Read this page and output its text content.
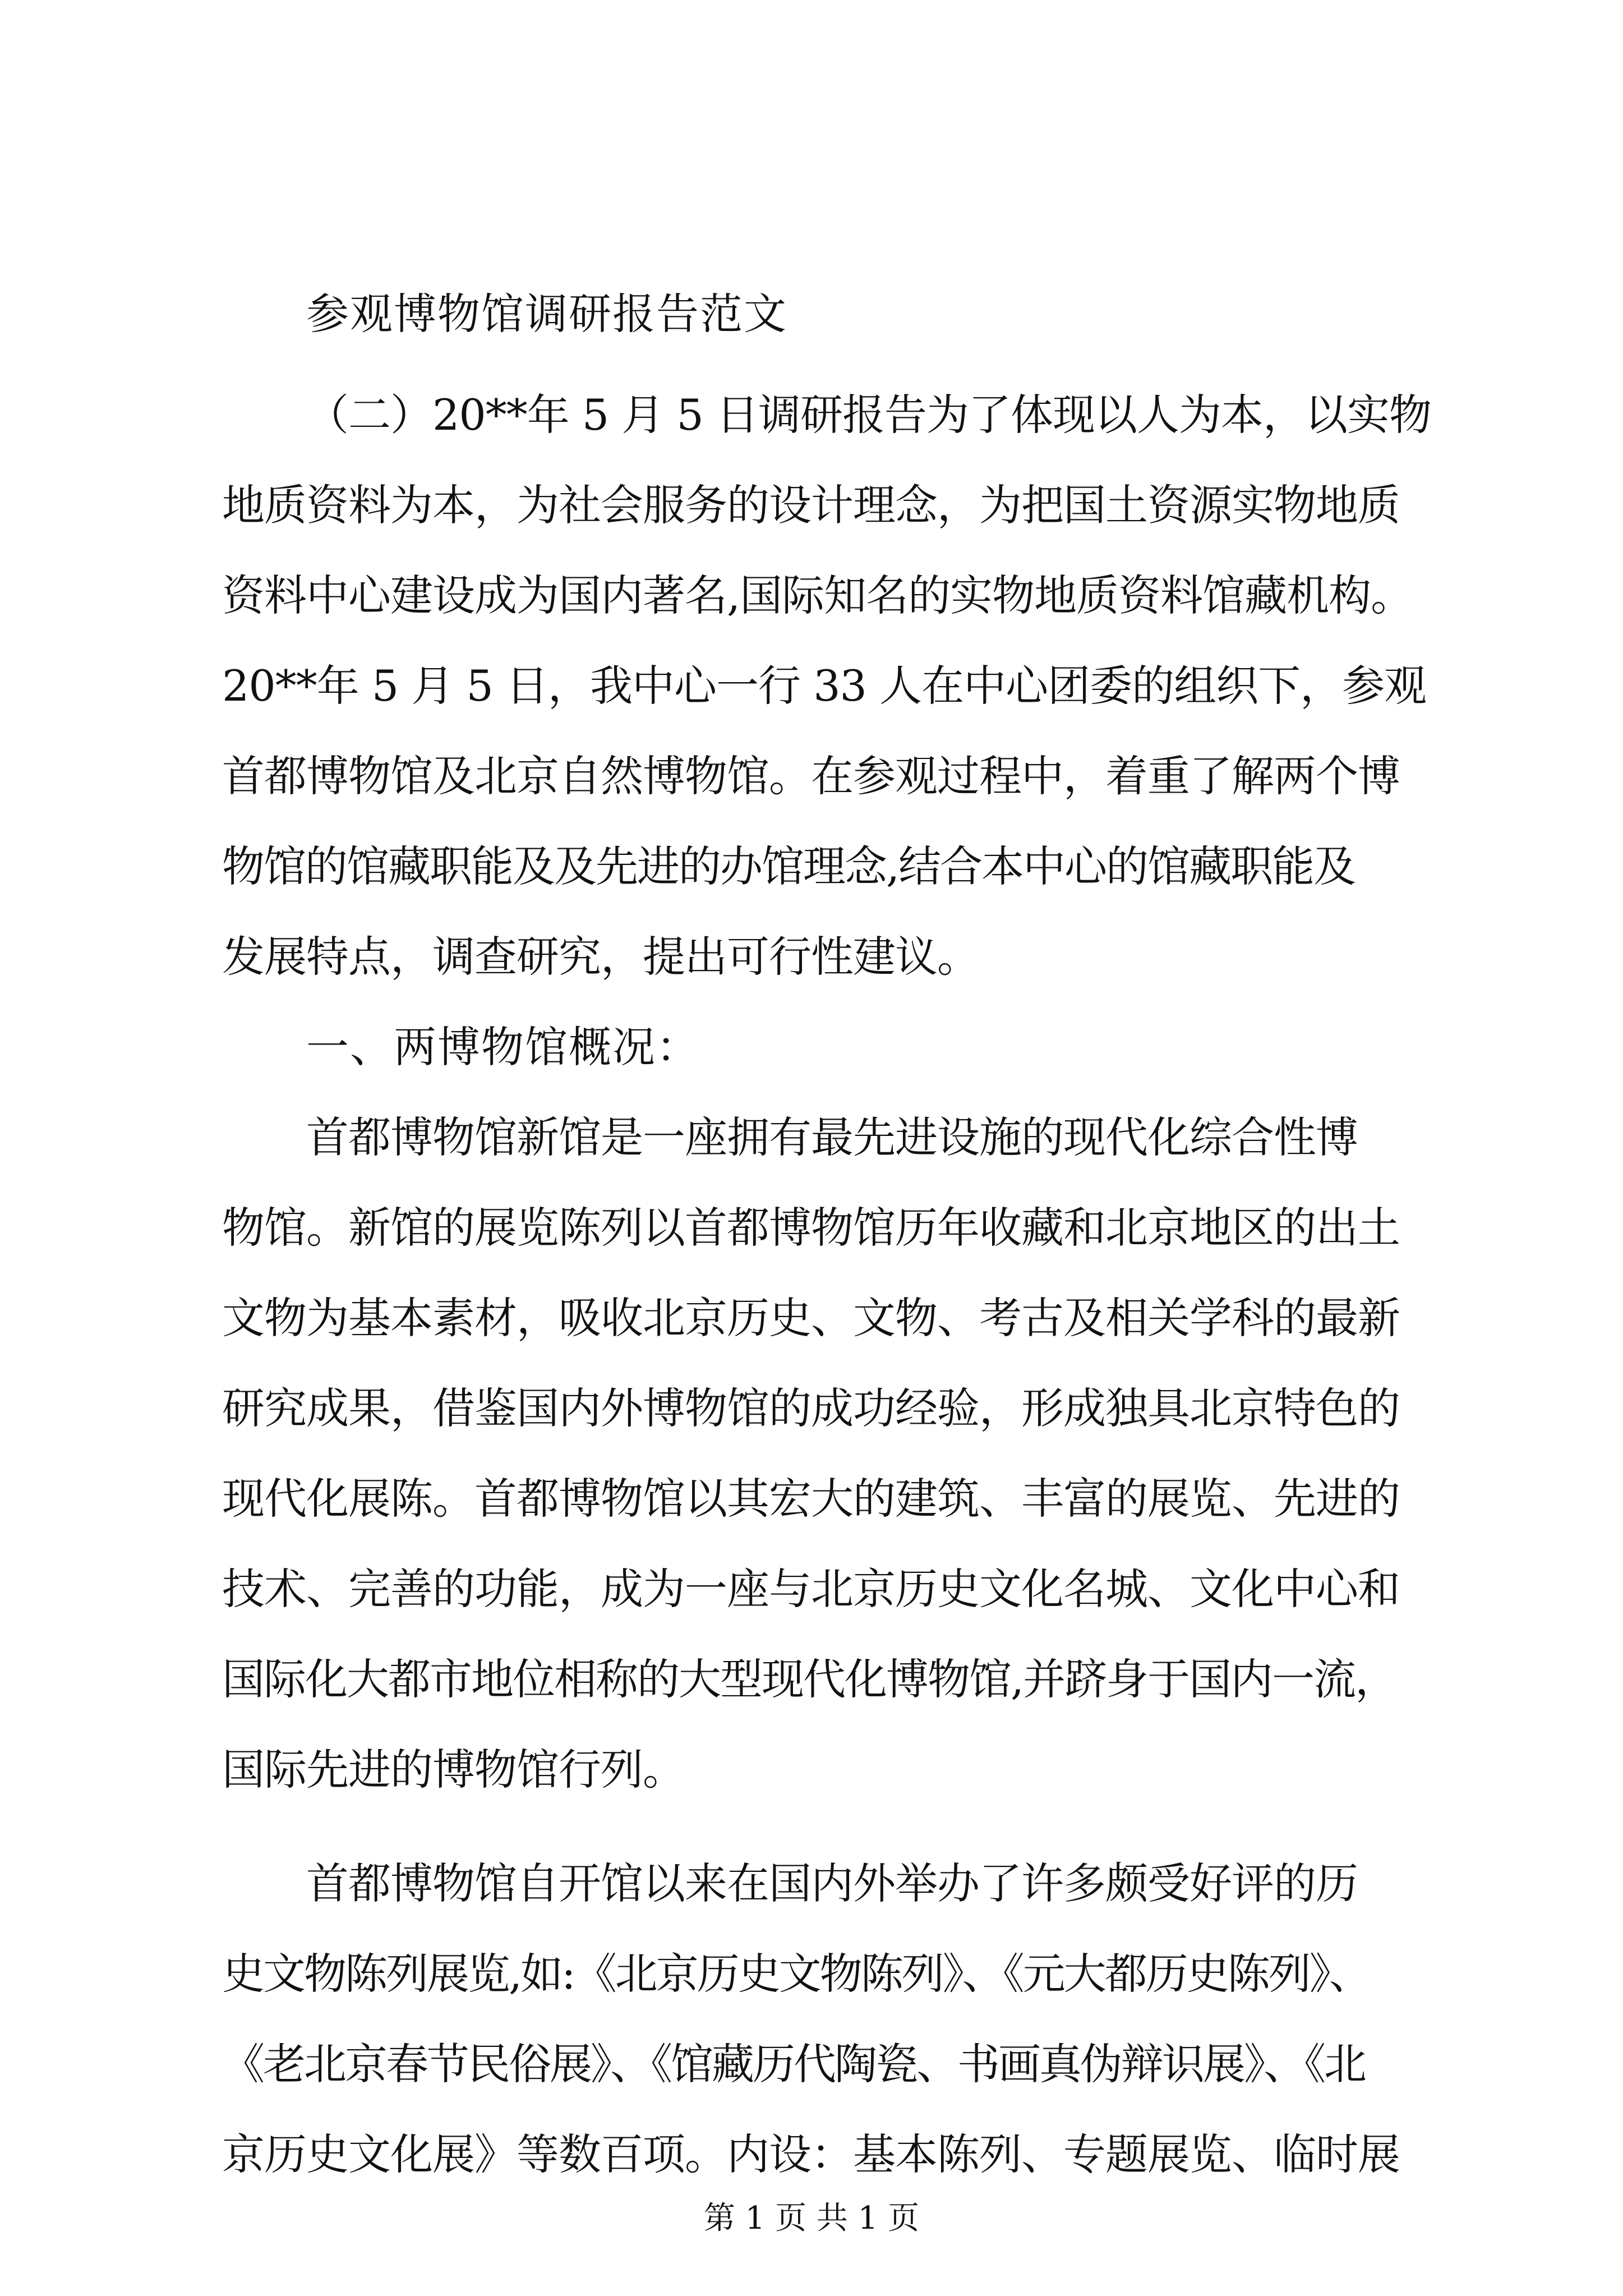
参观博物馆调研报告范文
（二）20**年 5 月 5 日调研报告为了体现以人为本，以实物
地质资料为本，为社会服务的设计理念，为把国土资源实物地质
资料中心建设成为国内著名,国际知名的实物地质资料馆藏机构。
20**年 5 月 5 日，我中心一行 33 人在中心团委的组织下，参观
首都博物馆及北京自然博物馆。在参观过程中，着重了解两个博
物馆的馆藏职能及及先进的办馆理念,结合本中心的馆藏职能及
发展特点，调查研究，提出可行性建议。
一、两博物馆概况：
首都博物馆新馆是一座拥有最先进设施的现代化综合性博
物馆。新馆的展览陈列以首都博物馆历年收藏和北京地区的出土
文物为基本素材，吸收北京历史、文物、考古及相关学科的最新
研究成果，借鉴国内外博物馆的成功经验，形成独具北京特色的
现代化展陈。首都博物馆以其宏大的建筑、丰富的展览、先进的
技术、完善的功能，成为一座与北京历史文化名城、文化中心和
国际化大都市地位相称的大型现代化博物馆,并跻身于国内一流，
国际先进的博物馆行列。
首都博物馆自开馆以来在国内外举办了许多颇受好评的历
史文物陈列展览,如:《北京历史文物陈列》、《元大都历史陈列》、
《老北京春节民俗展》、《馆藏历代陶瓷、书画真伪辩识展》、《北
京历史文化展》等数百项。内设：基本陈列、专题展览、临时展
第 1 页 共 1 页
